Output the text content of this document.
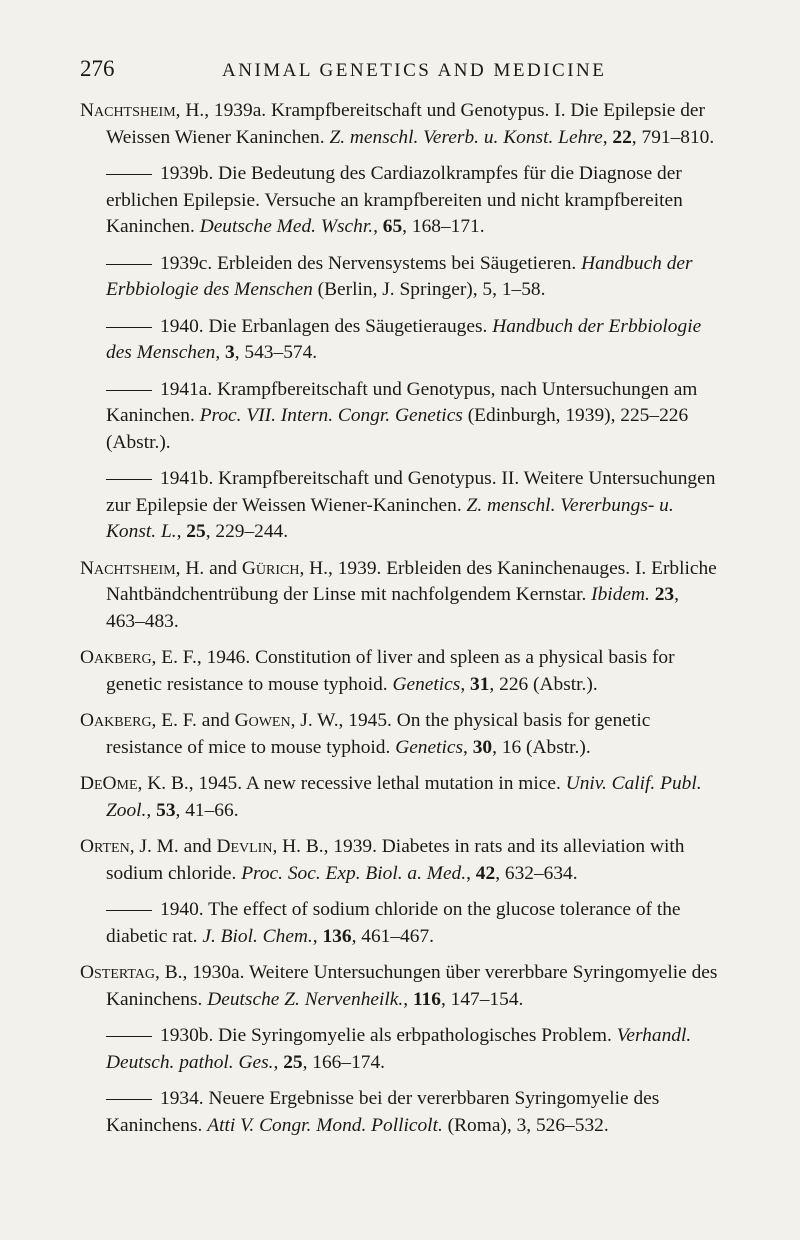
276	ANIMAL GENETICS AND MEDICINE

Nachtsheim, H., 1939a. Krampfbereitschaft und Genotypus. I. Die Epilepsie der Weissen Wiener Kaninchen. Z. menschl. Vererb. u. Konst. Lehre, 22, 791–810.

1939b. Die Bedeutung des Cardiazolkrampfes für die Diagnose der erblichen Epilepsie. Versuche an krampfbereiten und nicht krampfbereiten Kaninchen. Deutsche Med. Wschr., 65, 168–171.

1939c. Erbleiden des Nervensystems bei Säugetieren. Handbuch der Erbbiologie des Menschen (Berlin, J. Springer), 5, 1–58.

1940. Die Erbanlagen des Säugetierauges. Handbuch der Erbbiologie des Menschen, 3, 543–574.

1941a. Krampfbereitschaft und Genotypus, nach Untersuchungen am Kaninchen. Proc. VII. Intern. Congr. Genetics (Edinburgh, 1939), 225–226 (Abstr.).

1941b. Krampfbereitschaft und Genotypus. II. Weitere Untersuchungen zur Epilepsie der Weissen Wiener-Kaninchen. Z. menschl. Vererbungs- u. Konst. L., 25, 229–244.

Nachtsheim, H. and Gürich, H., 1939. Erbleiden des Kaninchenauges. I. Erbliche Nahtbändchentrübung der Linse mit nachfolgendem Kernstar. Ibidem. 23, 463–483.

Oakberg, E. F., 1946. Constitution of liver and spleen as a physical basis for genetic resistance to mouse typhoid. Genetics, 31, 226 (Abstr.).

Oakberg, E. F. and Gowen, J. W., 1945. On the physical basis for genetic resistance of mice to mouse typhoid. Genetics, 30, 16 (Abstr.).

DeOme, K. B., 1945. A new recessive lethal mutation in mice. Univ. Calif. Publ. Zool., 53, 41–66.

Orten, J. M. and Devlin, H. B., 1939. Diabetes in rats and its alleviation with sodium chloride. Proc. Soc. Exp. Biol. a. Med., 42, 632–634.

1940. The effect of sodium chloride on the glucose tolerance of the diabetic rat. J. Biol. Chem., 136, 461–467.

Ostertag, B., 1930a. Weitere Untersuchungen über vererbbare Syringomyelie des Kaninchens. Deutsche Z. Nervenheilk., 116, 147–154.

1930b. Die Syringomyelie als erbpathologisches Problem. Verhandl. Deutsch. pathol. Ges., 25, 166–174.

1934. Neuere Ergebnisse bei der vererbbaren Syringomyelie des Kaninchens. Atti V. Congr. Mond. Pollicolt. (Roma), 3, 526–532.
